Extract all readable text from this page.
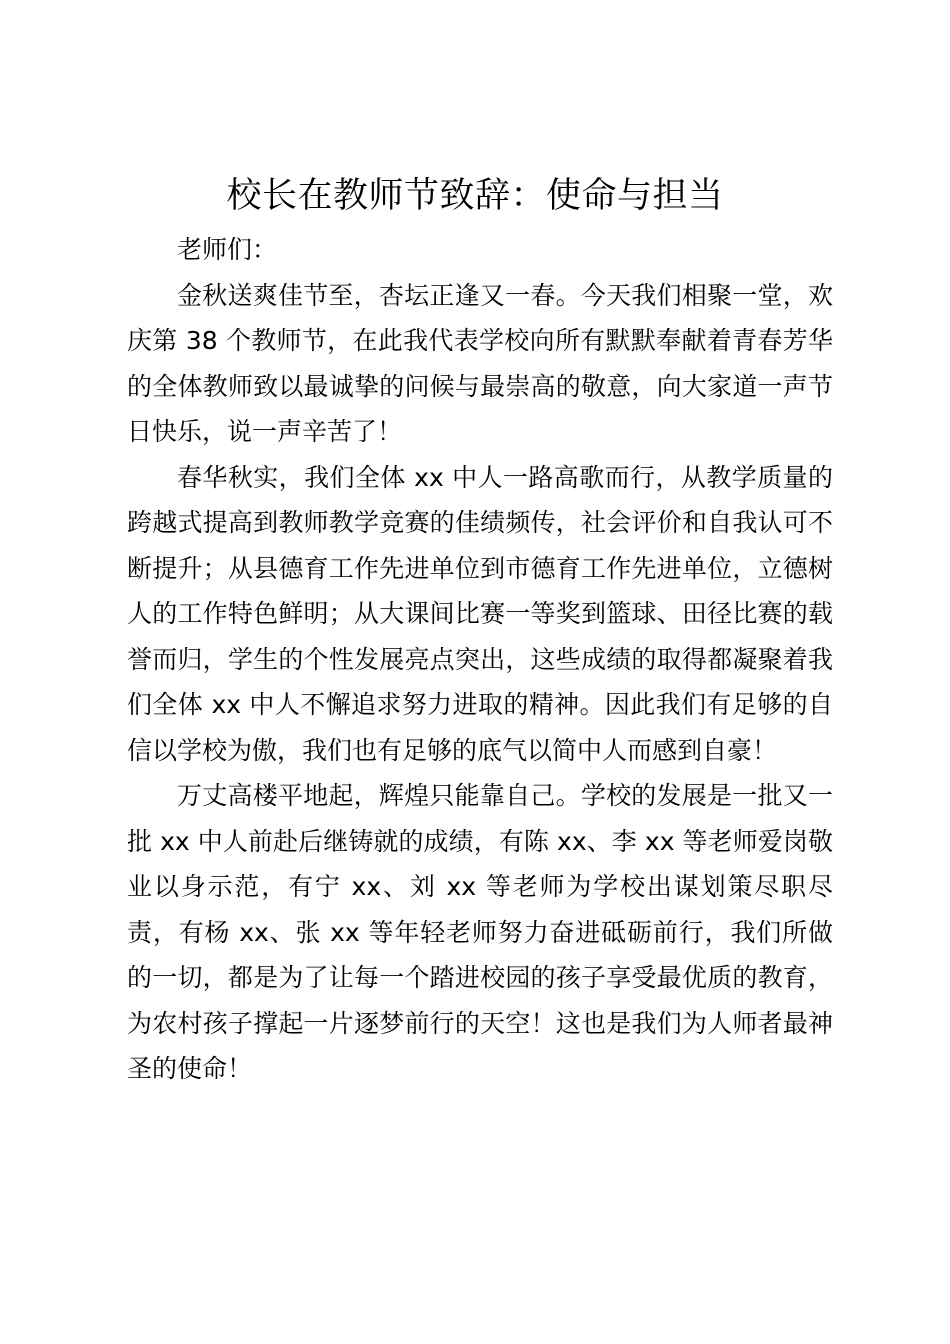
校长在教师节致辞：使命与担当

老师们：

金秋送爽佳节至，杏坛正逢又一春。今天我们相聚一堂，欢庆第 38 个教师节，在此我代表学校向所有默默奉献着青春芳华的全体教师致以最诚挚的问候与最崇高的敬意，向大家道一声节日快乐，说一声辛苦了！

春华秋实，我们全体 xx 中人一路高歌而行，从教学质量的跨越式提高到教师教学竞赛的佳绩频传，社会评价和自我认可不断提升；从县德育工作先进单位到市德育工作先进单位，立德树人的工作特色鲜明；从大课间比赛一等奖到篮球、田径比赛的载誉而归，学生的个性发展亮点突出，这些成绩的取得都凝聚着我们全体 xx 中人不懈追求努力进取的精神。因此我们有足够的自信以学校为傲，我们也有足够的底气以简中人而感到自豪！

万丈高楼平地起，辉煌只能靠自己。学校的发展是一批又一批 xx 中人前赴后继铸就的成绩，有陈 xx、李 xx 等老师爱岗敬业以身示范，有宁 xx、刘 xx 等老师为学校出谋划策尽职尽责，有杨 xx、张 xx 等年轻老师努力奋进砥砺前行，我们所做的一切，都是为了让每一个踏进校园的孩子享受最优质的教育，为农村孩子撑起一片逐梦前行的天空！这也是我们为人师者最神圣的使命！
